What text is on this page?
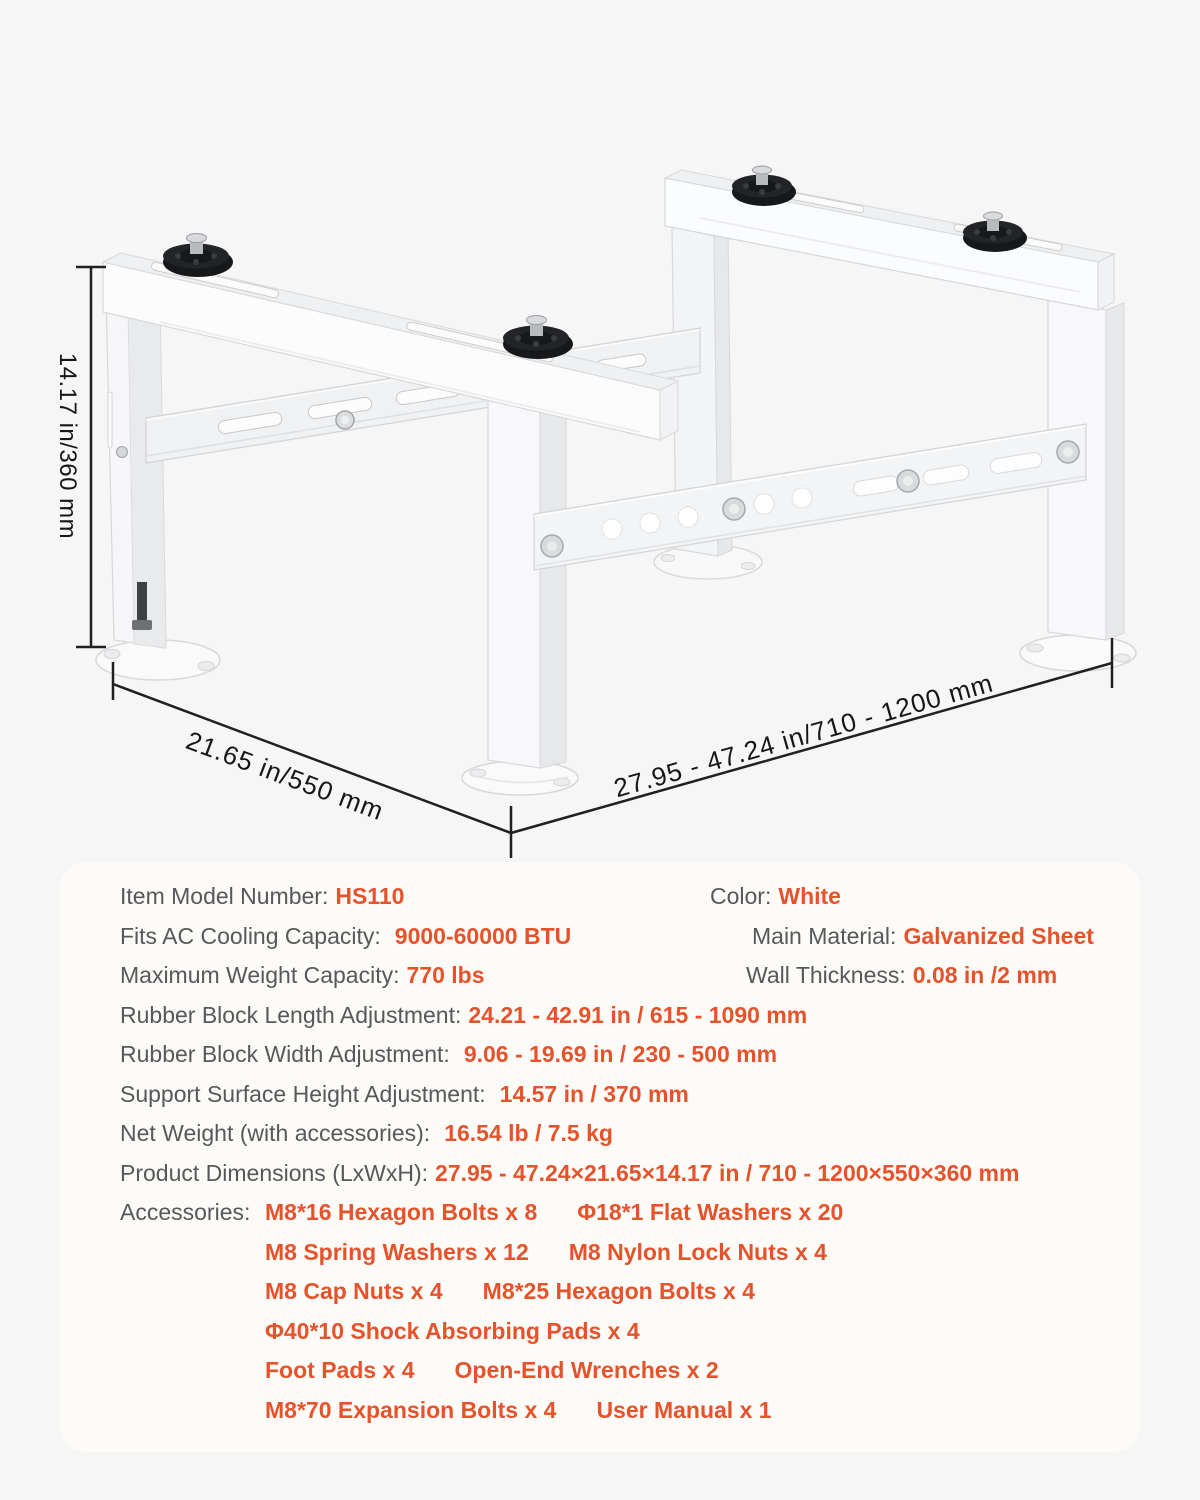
14.17 in/360 mm
21.65 in/550 mm	27.95 - 47.24 in/710 - 1200 mm
Item Model Number: HS110	Color: White
Fits AC Cooling Capacity: 9000-60000 BTU	Main Material: Galvanized Sheet
Maximum Weight Capacity: 770 lbs	Wall Thickness: 0.08 in /2 mm
Rubber Block Length Adjustment: 24.21 - 42.91 in / 615 - 1090 mm
Rubber Block Width Adjustment: 9.06 - 19.69 in / 230 - 500 mm
Support Surface Height Adjustment: 14.57 in / 370 mm
Net Weight (with accessories): 16.54 lb / 7.5 kg
Product Dimensions (LxWxH): 27.95 - 47.24×21.65×14.17 in / 710 - 1200×550×360 mm
Accessories: M8*16 Hexagon Bolts x 8 Φ18*1 Flat Washers x 20
M8 Spring Washers x 12 M8 Nylon Lock Nuts x 4
M8 Cap Nuts x 4 M8*25 Hexagon Bolts x 4
Φ40*10 Shock Absorbing Pads x 4
Foot Pads x 4 Open-End Wrenches x 2
M8*70 Expansion Bolts x 4 User Manual x 1
